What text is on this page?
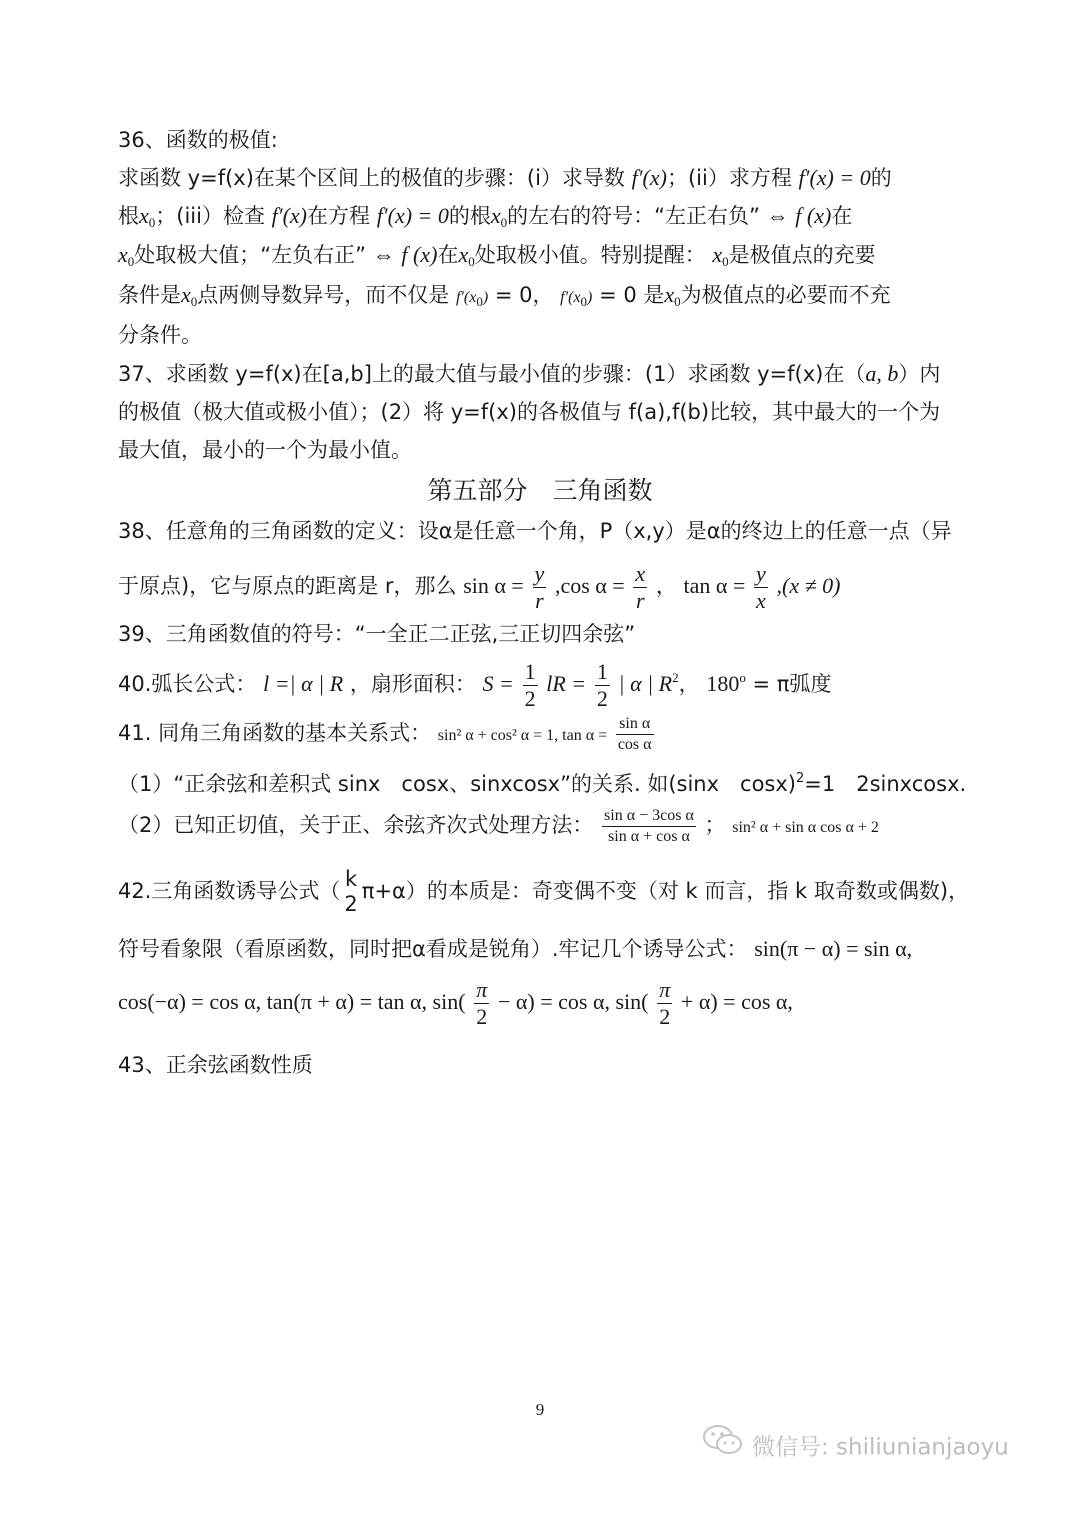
36、函数的极值:
求函数 y=f(x)在某个区间上的极值的步骤：(i）求导数 f′(x)；(ii）求方程 f′(x) = 0的
根$x_0$；(iii）检查 f′(x)在方程 f′(x) = 0的根$x_0$的左右的符号：“左正右负” ⇔ f (x)在
$x_0$处取极大值；“左负右正” ⇔ f (x)在$x_0$处取极小值。特别提醒： $x_0$是极值点的充要
条件是$x_0$点两侧导数异号，而不仅是 $f'(x_0) = 0$， $f'(x_0) = 0$ 是$x_0$为极值点的必要而不充
分条件。
37、求函数 y=f(x)在[a,b]上的最大值与最小值的步骤：(1）求函数 y=f(x)在（a, b）内
的极值（极大值或极小值）；(2）将 y=f(x)的各极值与 f(a),f(b)比较，其中最大的一个为
最大值，最小的一个为最小值。
第五部分　三角函数
38、任意角的三角函数的定义：设α是任意一个角，P（x,y）是α的终边上的任意一点（异
于原点)，它与原点的距离是 r，那么 $\sin \alpha = \frac{y}{r} ,\cos$ $\alpha = \frac{x}{r}$ ， $\tan \alpha = \frac{y}{x} ,(x \ne 0)$
39、三角函数值的符号：“一全正二正弦,三正切四余弦”
40.弧长公式： l =| α | R ，扇形面积： $S = \frac{1}{2}$ lR = $\frac{1}{2}$ | α | $R^2$， $180^o = \pi$弧度
41. 同角三角函数的基本关系式： sin² α + cos² α = 1, $\tan \alpha = \frac{\text{sin α}}{\text{cos α}}$
（1）“正余弦和差积式 sinx　cosx、sinxcosx”的关系. 如(sinx　cosx)$^2$=1　2sinxcosx.
（2）已知正切值，关于正、余弦齐次式处理方法： $\frac{\text{sin α − 3cos α}}{\text{sin α + cos α}}$ ； sin² α + sin α cos α + 2
42.三角函数诱导公式（ k
2
π+α）的本质是：奇变偶不变（对 k 而言，指 k 取奇数或偶数)，
符号看象限（看原函数，同时把α看成是锐角）.牢记几个诱导公式： sin(π − α) = sin α,
cos(−α) = cos α, tan(π + α) = tan α, $\sin( \frac{\pi}{2} - \alpha) = \cos \alpha$, $\sin( \frac{\pi}{2} + \alpha) = \cos \alpha$,
43、正余弦函数性质
9
微信号: shiliunianjaoyu
